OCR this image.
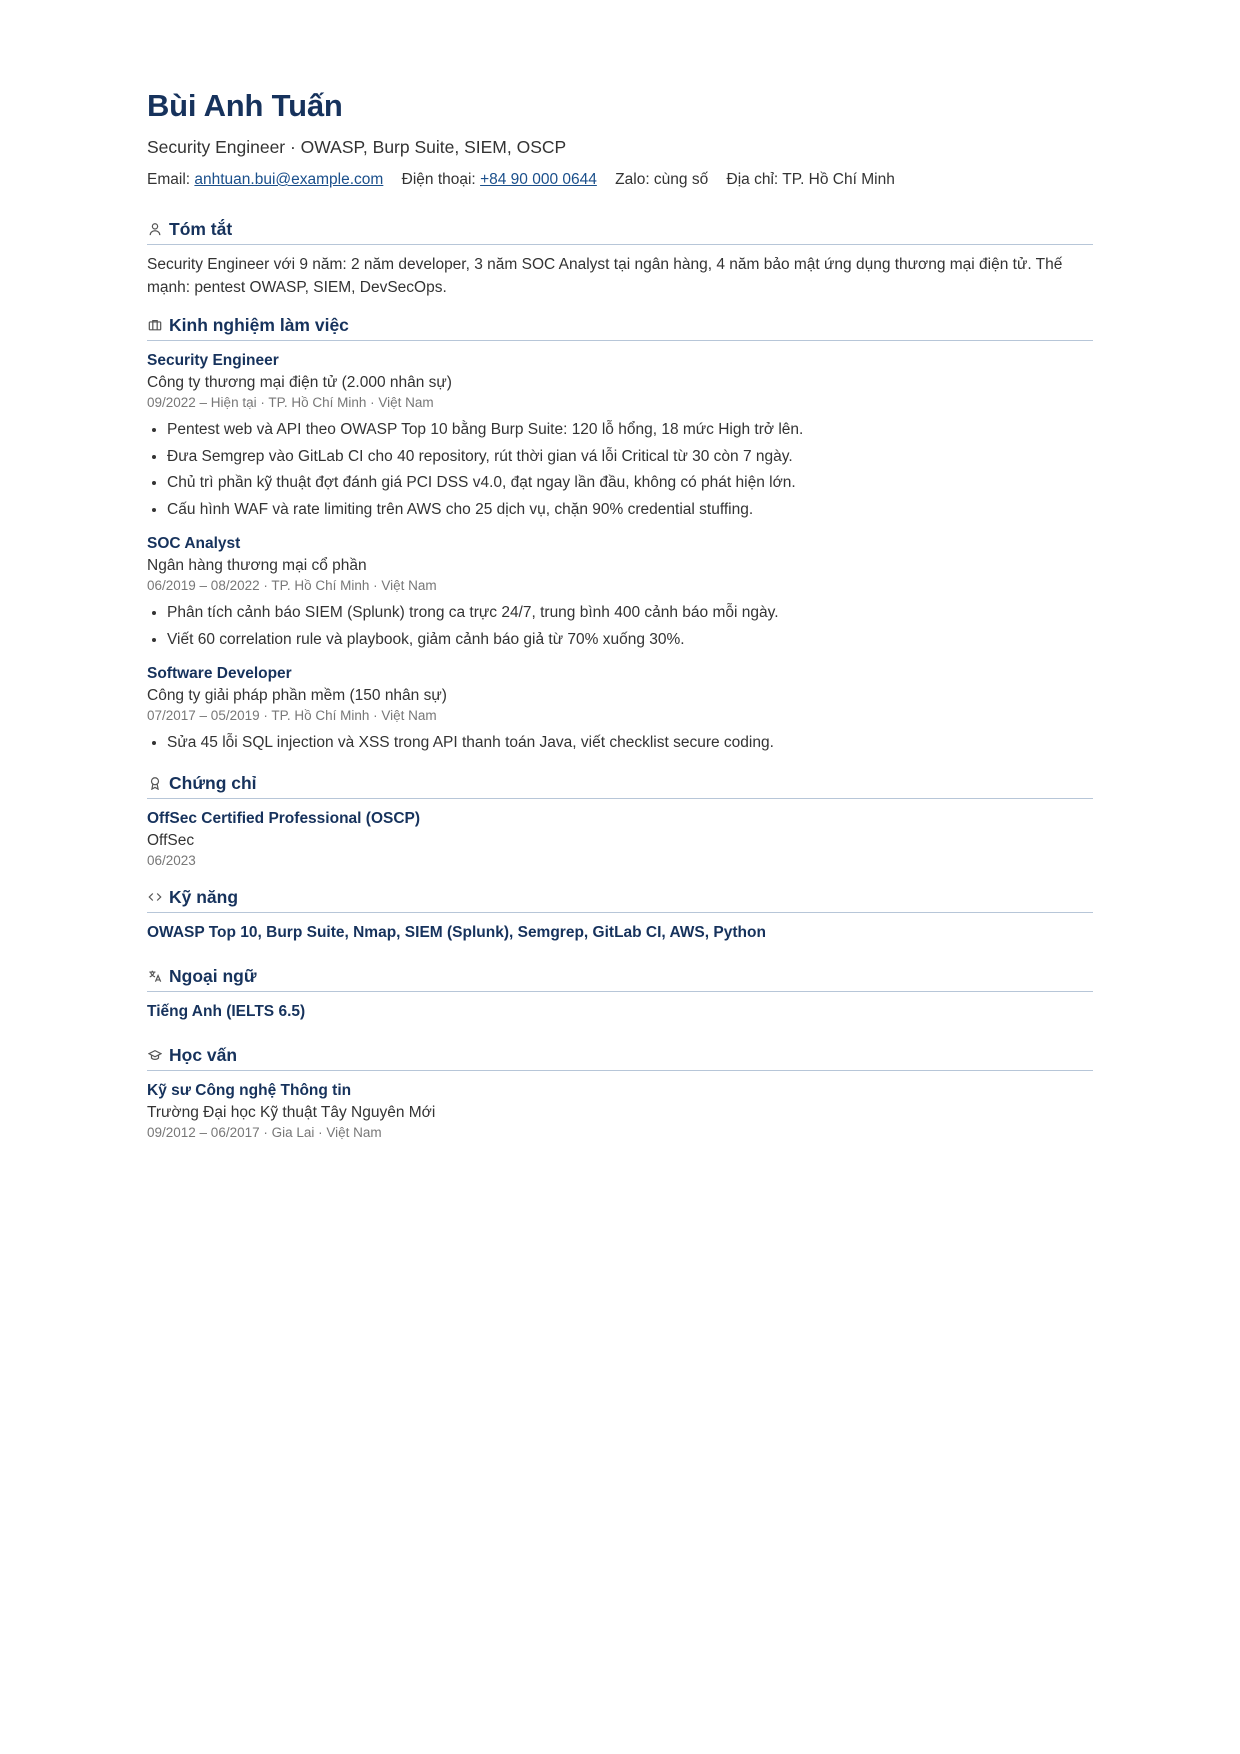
Bùi Anh Tuấn
Security Engineer · OWASP, Burp Suite, SIEM, OSCP
Email: anhtuan.bui@example.com Điện thoại: +84 90 000 0644 Zalo: cùng số Địa chỉ: TP. Hồ Chí Minh
Tóm tắt

Security Engineer với 9 năm: 2 năm developer, 3 năm SOC Analyst tại ngân hàng, 4 năm bảo mật ứng dụng thương mại điện tử. Thế mạnh: pentest OWASP, SIEM, DevSecOps.

Kinh nghiệm làm việc
Security Engineer
Công ty thương mại điện tử (2.000 nhân sự)
09/2022 – Hiện tại · TP. Hồ Chí Minh · Việt Nam
• Pentest web và API theo OWASP Top 10 bằng Burp Suite: 120 lỗ hổng, 18 mức High trở lên.
• Đưa Semgrep vào GitLab CI cho 40 repository, rút thời gian vá lỗi Critical từ 30 còn 7 ngày.
• Chủ trì phần kỹ thuật đợt đánh giá PCI DSS v4.0, đạt ngay lần đầu, không có phát hiện lớn.
• Cấu hình WAF và rate limiting trên AWS cho 25 dịch vụ, chặn 90% credential stuffing.
SOC Analyst
Ngân hàng thương mại cổ phần
06/2019 – 08/2022 · TP. Hồ Chí Minh · Việt Nam
• Phân tích cảnh báo SIEM (Splunk) trong ca trực 24/7, trung bình 400 cảnh báo mỗi ngày.
• Viết 60 correlation rule và playbook, giảm cảnh báo giả từ 70% xuống 30%.
Software Developer
Công ty giải pháp phần mềm (150 nhân sự)
07/2017 – 05/2019 · TP. Hồ Chí Minh · Việt Nam
• Sửa 45 lỗi SQL injection và XSS trong API thanh toán Java, viết checklist secure coding.
Chứng chỉ
OffSec Certified Professional (OSCP)
OffSec
06/2023
Kỹ năng
OWASP Top 10, Burp Suite, Nmap, SIEM (Splunk), Semgrep, GitLab CI, AWS, Python
Ngoại ngữ
Tiếng Anh (IELTS 6.5)
Học vấn
Kỹ sư Công nghệ Thông tin
Trường Đại học Kỹ thuật Tây Nguyên Mới
09/2012 – 06/2017 · Gia Lai · Việt Nam
